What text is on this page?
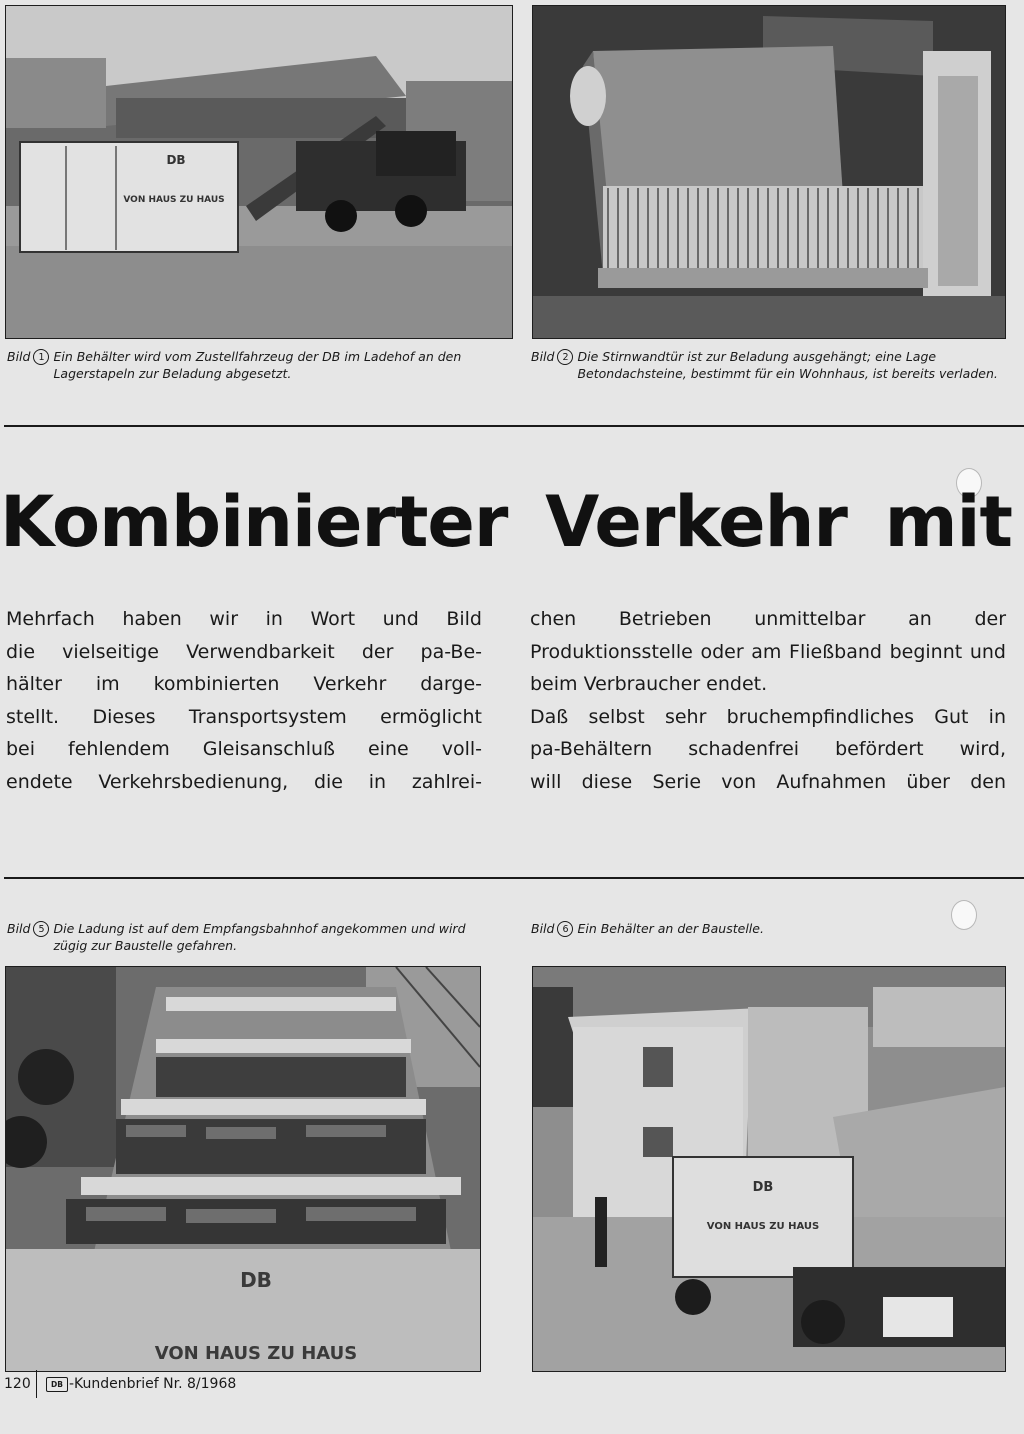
DB
VON HAUS ZU HAUS
Bild 1 Ein Behälter wird vom Zustellfahrzeug der DB im Ladehof an den Lagerstapeln zur Beladung abgesetzt.
Bild 2 Die Stirnwandtür ist zur Beladung ausgehängt; eine Lage Betondachsteine, bestimmt für ein Wohnhaus, ist bereits verladen.
Kombinierter Verkehr mit

Mehrfach haben wir in Wort und Bild

die vielseitige Verwendbarkeit der pa-Be-

hälter im kombinierten Verkehr darge-

stellt. Dieses Transportsystem ermöglicht

bei fehlendem Gleisanschluß eine voll-

endete Verkehrsbedienung, die in zahlrei-

chen Betrieben unmittelbar an der Produktionsstelle oder am Fließband beginnt und beim Verbraucher endet.

Daß selbst sehr bruchempfindliches Gut in

pa-Behältern schadenfrei befördert wird,

will diese Serie von Aufnahmen über den

Bild 5 Die Ladung ist auf dem Empfangsbahnhof angekommen und wird zügig zur Baustelle gefahren.
Bild 6 Ein Behälter an der Baustelle.
DB
VON HAUS ZU HAUS
DB
VON HAUS ZU HAUS
120	DB -Kundenbrief Nr. 8/1968
